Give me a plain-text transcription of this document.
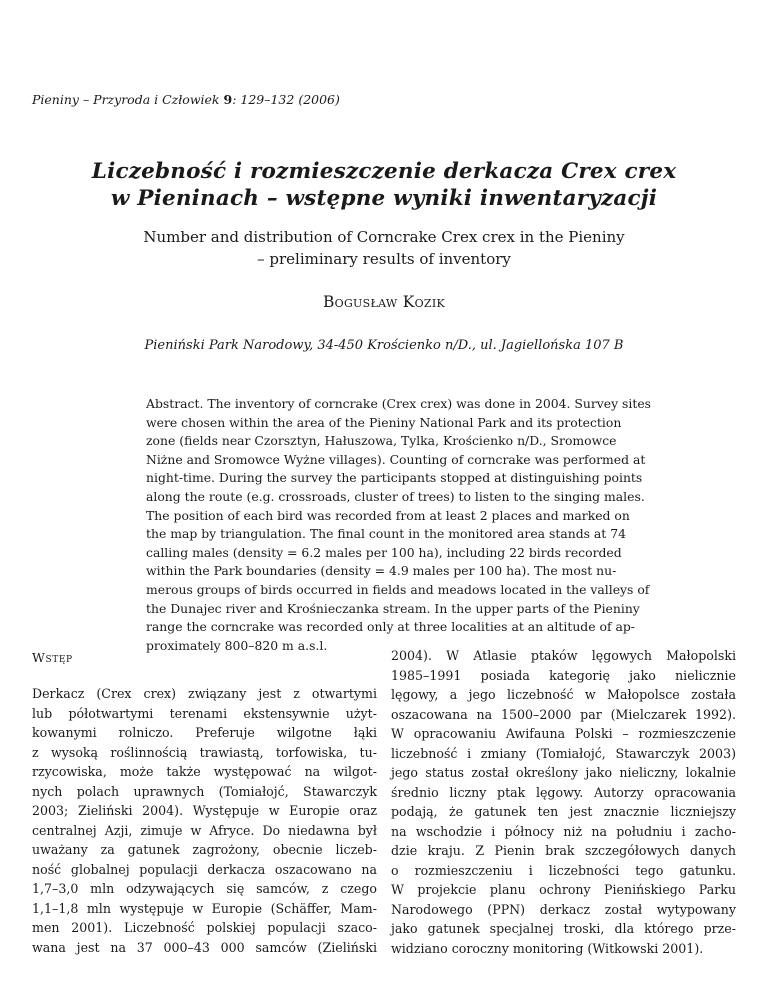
Pieniny – Przyroda i Człowiek 9: 129–132 (2006)
Liczebność i rozmieszczenie derkacza Crex crex
w Pieninach – wstępne wyniki inwentaryzacji
Number and distribution of Corncrake Crex crex in the Pieniny
– preliminary results of inventory
Bogusław Kozik
Pieniński Park Narodowy, 34-450 Krościenko n/D., ul. Jagiellońska 107 B
Abstract. The inventory of corncrake (Crex crex) was done in 2004. Survey sites
were chosen within the area of the Pieniny National Park and its protection
zone (fields near Czorsztyn, Hałuszowa, Tylka, Krościenko n/D., Sromowce
Niżne and Sromowce Wyżne villages). Counting of corncrake was performed at
night-time. During the survey the participants stopped at distinguishing points
along the route (e.g. crossroads, cluster of trees) to listen to the singing males.
The position of each bird was recorded from at least 2 places and marked on
the map by triangulation. The final count in the monitored area stands at 74
calling males (density = 6.2 males per 100 ha), including 22 birds recorded
within the Park boundaries (density = 4.9 males per 100 ha). The most nu-
merous groups of birds occurred in fields and meadows located in the valleys of
the Dunajec river and Krośnieczanka stream. In the upper parts of the Pieniny
range the corncrake was recorded only at three localities at an altitude of ap-
proximately 800–820 m a.s.l.
Wstęp
Derkacz (Crex crex) związany jest z otwartymi
lub półotwartymi terenami ekstensywnie użyt-
kowanymi rolniczo. Preferuje wilgotne łąki
z wysoką roślinnością trawiastą, torfowiska, tu-
rzycowiska, może także występować na wilgot-
nych polach uprawnych (Tomiałojć, Stawarczyk
2003; Zieliński 2004). Występuje w Europie oraz
centralnej Azji, zimuje w Afryce. Do niedawna był
uważany za gatunek zagrożony, obecnie liczeb-
ność globalnej populacji derkacza oszacowano na
1,7–3,0 mln odzywających się samców, z czego
1,1–1,8 mln występuje w Europie (Schäffer, Mam-
men 2001). Liczebność polskiej populacji szaco-
wana jest na 37 000–43 000 samców (Zieliński
2004). W Atlasie ptaków lęgowych Małopolski
1985–1991 posiada kategorię jako nielicznie
lęgowy, a jego liczebność w Małopolsce została
oszacowana na 1500–2000 par (Mielczarek 1992).
W opracowaniu Awifauna Polski – rozmieszczenie
liczebność i zmiany (Tomiałojć, Stawarczyk 2003)
jego status został określony jako nieliczny, lokalnie
średnio liczny ptak lęgowy. Autorzy opracowania
podają, że gatunek ten jest znacznie liczniejszy
na wschodzie i północy niż na południu i zacho-
dzie kraju. Z Pienin brak szczegółowych danych
o rozmieszczeniu i liczebności tego gatunku.
W projekcie planu ochrony Pienińskiego Parku
Narodowego (PPN) derkacz został wytypowany
jako gatunek specjalnej troski, dla którego prze-
widziano coroczny monitoring (Witkowski 2001).
